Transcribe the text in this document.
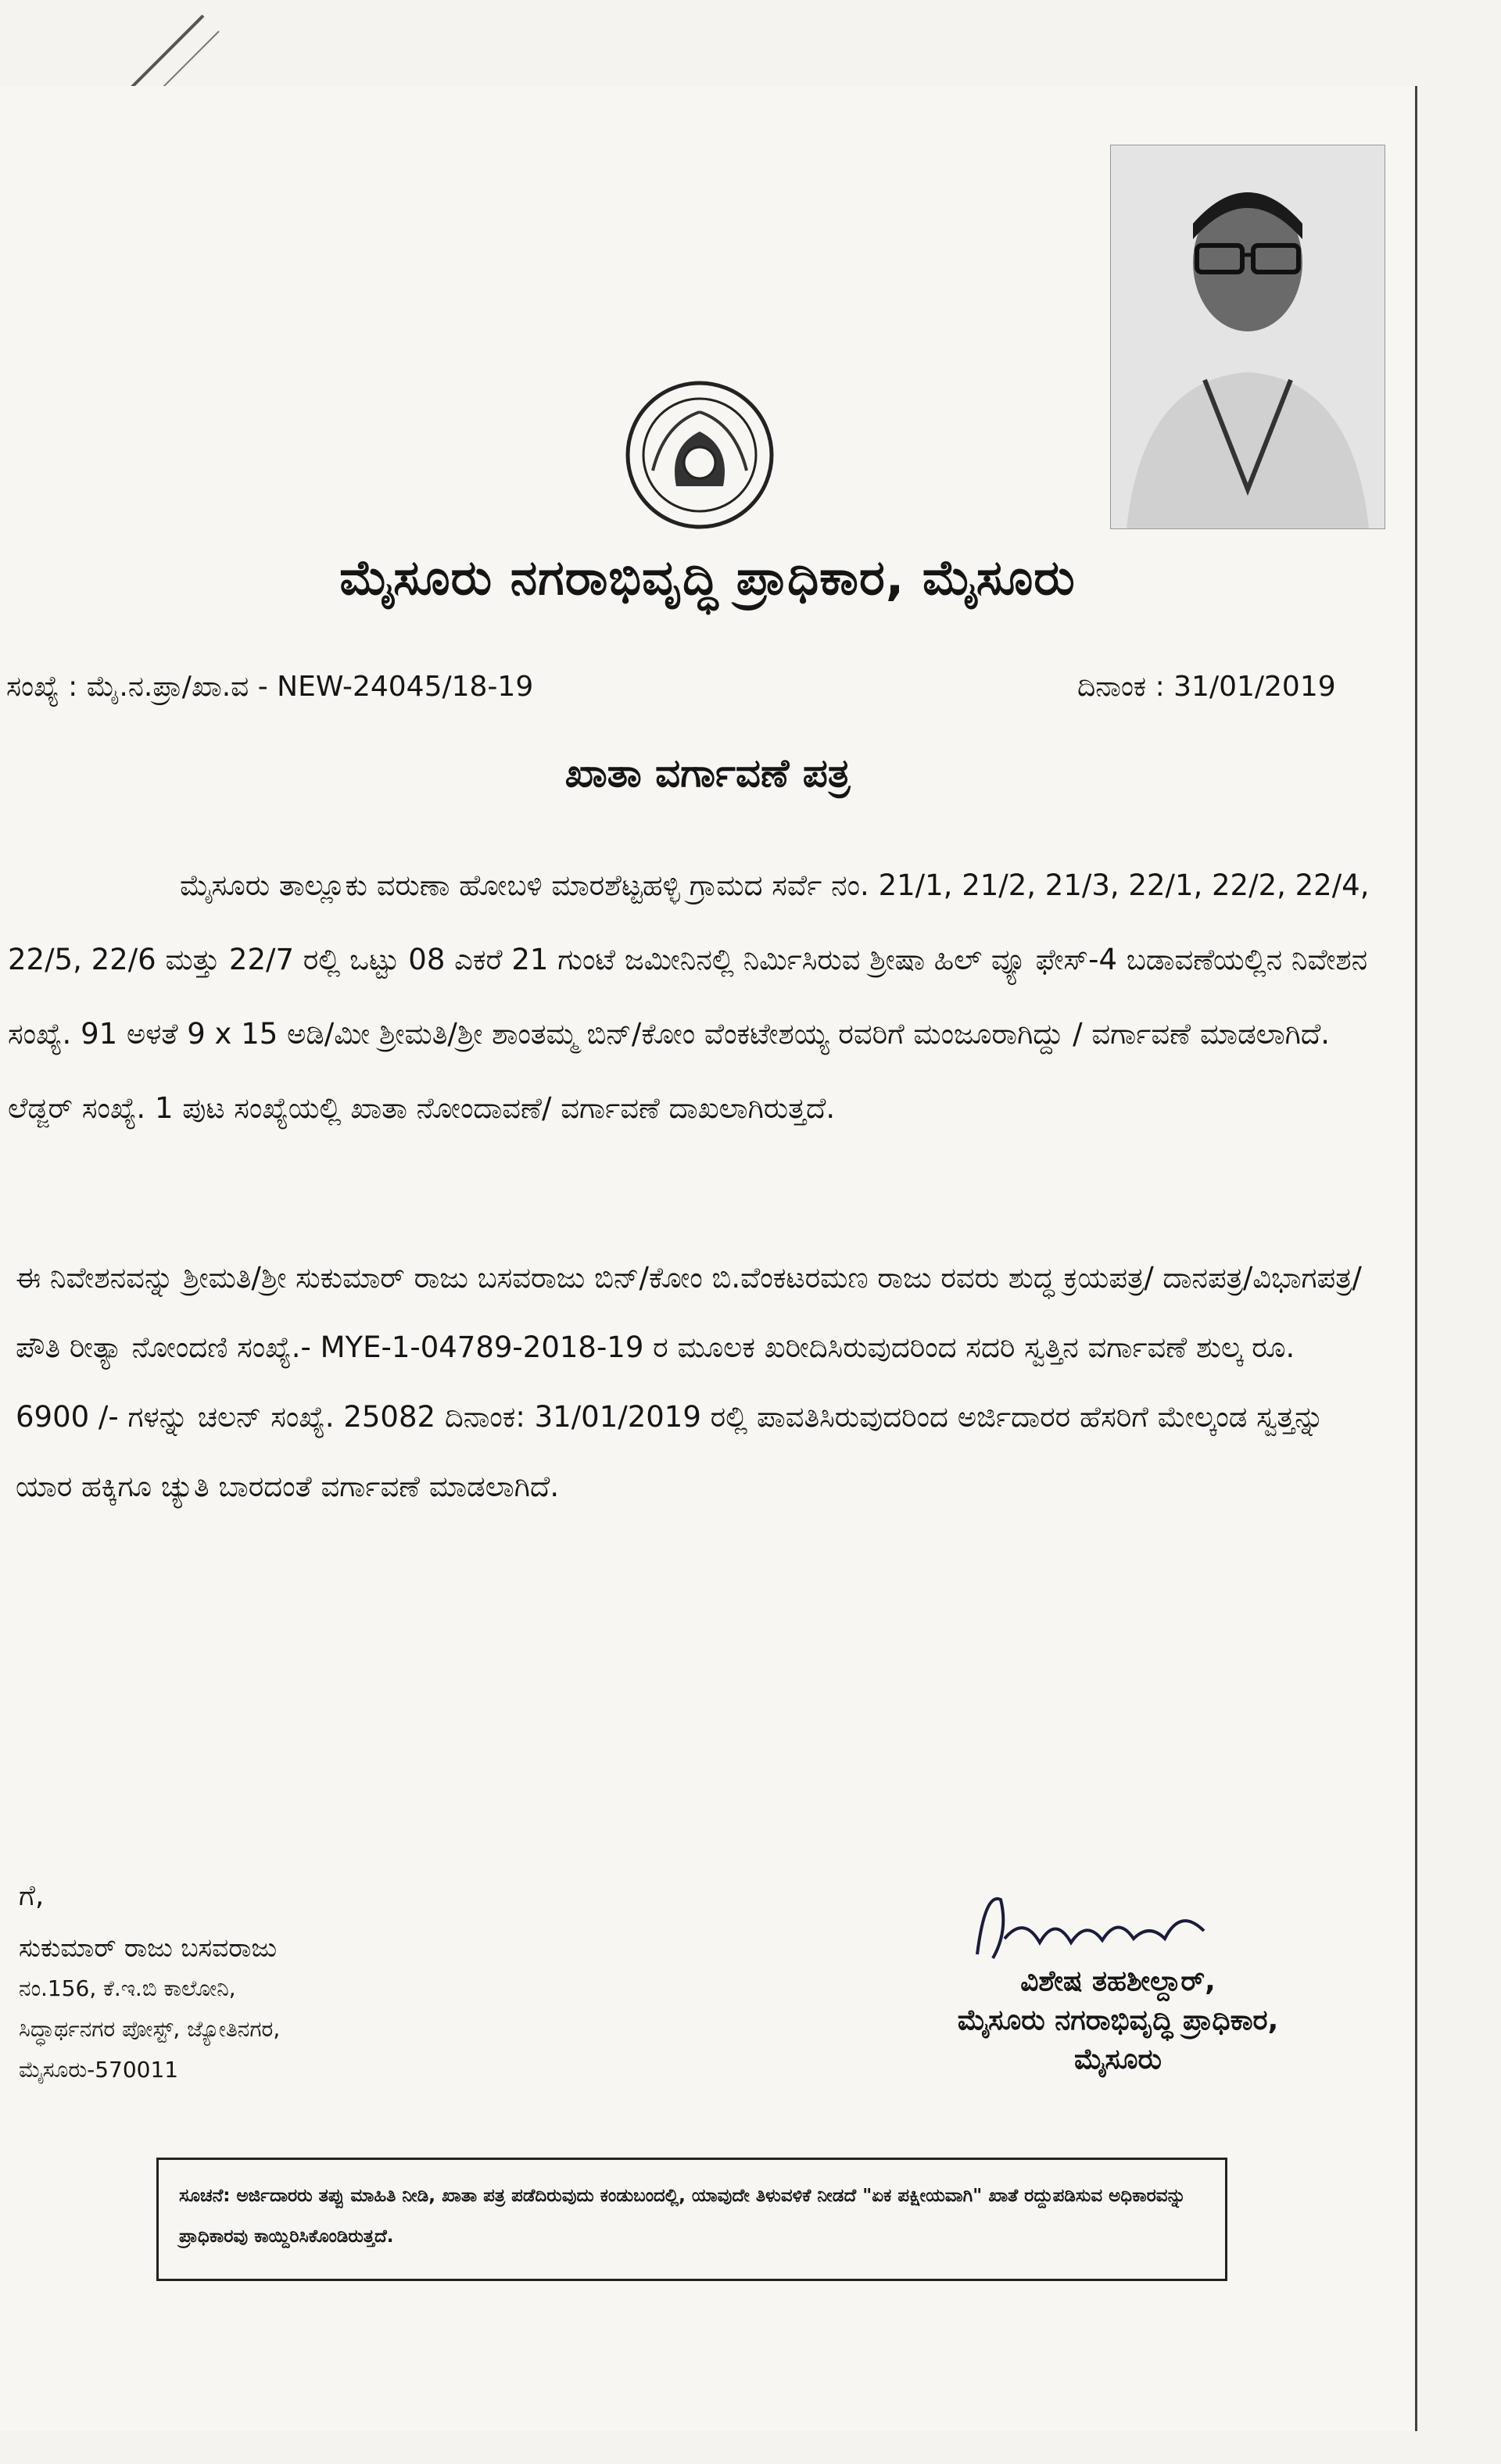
ಮೈಸೂರು ನಗರಾಭಿವೃದ್ಧಿ ಪ್ರಾಧಿಕಾರ, ಮೈಸೂರು
ಸಂಖ್ಯೆ : ಮೈ.ನ.ಪ್ರಾ/ಖಾ.ವ - NEW-24045/18-19	ದಿನಾಂಕ : 31/01/2019
ಖಾತಾ ವರ್ಗಾವಣೆ ಪತ್ರ

ಮೈಸೂರು ತಾಲ್ಲೂಕು ವರುಣಾ ಹೋಬಳಿ ಮಾರಶೆಟ್ಟಹಳ್ಳಿ ಗ್ರಾಮದ ಸರ್ವೆ ನಂ. 21/1, 21/2, 21/3, 22/1, 22/2, 22/4, 22/5, 22/6 ಮತ್ತು 22/7 ರಲ್ಲಿ ಒಟ್ಟು 08 ಎಕರೆ 21 ಗುಂಟೆ ಜಮೀನಿನಲ್ಲಿ ನಿರ್ಮಿಸಿರುವ ಶ್ರೀಷಾ ಹಿಲ್ ವ್ಯೂ ಫೇಸ್-4 ಬಡಾವಣೆಯಲ್ಲಿನ ನಿವೇಶನ ಸಂಖ್ಯೆ. 91 ಅಳತೆ 9 x 15 ಅಡಿ/ಮೀ ಶ್ರೀಮತಿ/ಶ್ರೀ ಶಾಂತಮ್ಮ ಬಿನ್/ಕೋಂ ವೆಂಕಟೇಶಯ್ಯ ರವರಿಗೆ ಮಂಜೂರಾಗಿದ್ದು / ವರ್ಗಾವಣೆ ಮಾಡಲಾಗಿದೆ. ಲೆಡ್ಜರ್ ಸಂಖ್ಯೆ. 1 ಪುಟ ಸಂಖ್ಯೆಯಲ್ಲಿ ಖಾತಾ ನೋಂದಾವಣೆ/ ವರ್ಗಾವಣೆ ದಾಖಲಾಗಿರುತ್ತದೆ.

ಈ ನಿವೇಶನವನ್ನು ಶ್ರೀಮತಿ/ಶ್ರೀ ಸುಕುಮಾರ್ ರಾಜು ಬಸವರಾಜು ಬಿನ್/ಕೋಂ ಬಿ.ವೆಂಕಟರಮಣ ರಾಜು ರವರು ಶುದ್ಧ ಕ್ರಯಪತ್ರ/ ದಾನಪತ್ರ/ವಿಭಾಗಪತ್ರ/ಪೌತಿ ರೀತ್ಯಾ ನೋಂದಣಿ ಸಂಖ್ಯೆ.- MYE-1-04789-2018-19 ರ ಮೂಲಕ ಖರೀದಿಸಿರುವುದರಿಂದ ಸದರಿ ಸ್ವತ್ತಿನ ವರ್ಗಾವಣೆ ಶುಲ್ಕ ರೂ. 6900 /- ಗಳನ್ನು ಚಲನ್ ಸಂಖ್ಯೆ. 25082 ದಿನಾಂಕ: 31/01/2019 ರಲ್ಲಿ ಪಾವತಿಸಿರುವುದರಿಂದ ಅರ್ಜಿದಾರರ ಹೆಸರಿಗೆ ಮೇಲ್ಕಂಡ ಸ್ವತ್ತನ್ನು ಯಾರ ಹಕ್ಕಿಗೂ ಚ್ಯುತಿ ಬಾರದಂತೆ ವರ್ಗಾವಣೆ ಮಾಡಲಾಗಿದೆ.

ಗೆ,
ಸುಕುಮಾರ್ ರಾಜು ಬಸವರಾಜು
ನಂ.156, ಕೆ.ಇ.ಬಿ ಕಾಲೋನಿ,
ಸಿದ್ಧಾರ್ಥನಗರ ಪೋಸ್ಟ್, ಜ್ಯೋತಿನಗರ,
ಮೈಸೂರು-570011
ವಿಶೇಷ ತಹಶೀಲ್ದಾರ್,
ಮೈಸೂರು ನಗರಾಭಿವೃದ್ಧಿ ಪ್ರಾಧಿಕಾರ,
ಮೈಸೂರು
ಸೂಚನೆ: ಅರ್ಜಿದಾರರು ತಪ್ಪು ಮಾಹಿತಿ ನೀಡಿ, ಖಾತಾ ಪತ್ರ ಪಡೆದಿರುವುದು ಕಂಡುಬಂದಲ್ಲಿ, ಯಾವುದೇ ತಿಳುವಳಿಕೆ ನೀಡದೆ "ಏಕ ಪಕ್ಷೀಯವಾಗಿ" ಖಾತೆ ರದ್ದುಪಡಿಸುವ ಅಧಿಕಾರವನ್ನು ಪ್ರಾಧಿಕಾರವು ಕಾಯ್ದಿರಿಸಿಕೊಂಡಿರುತ್ತದೆ.
